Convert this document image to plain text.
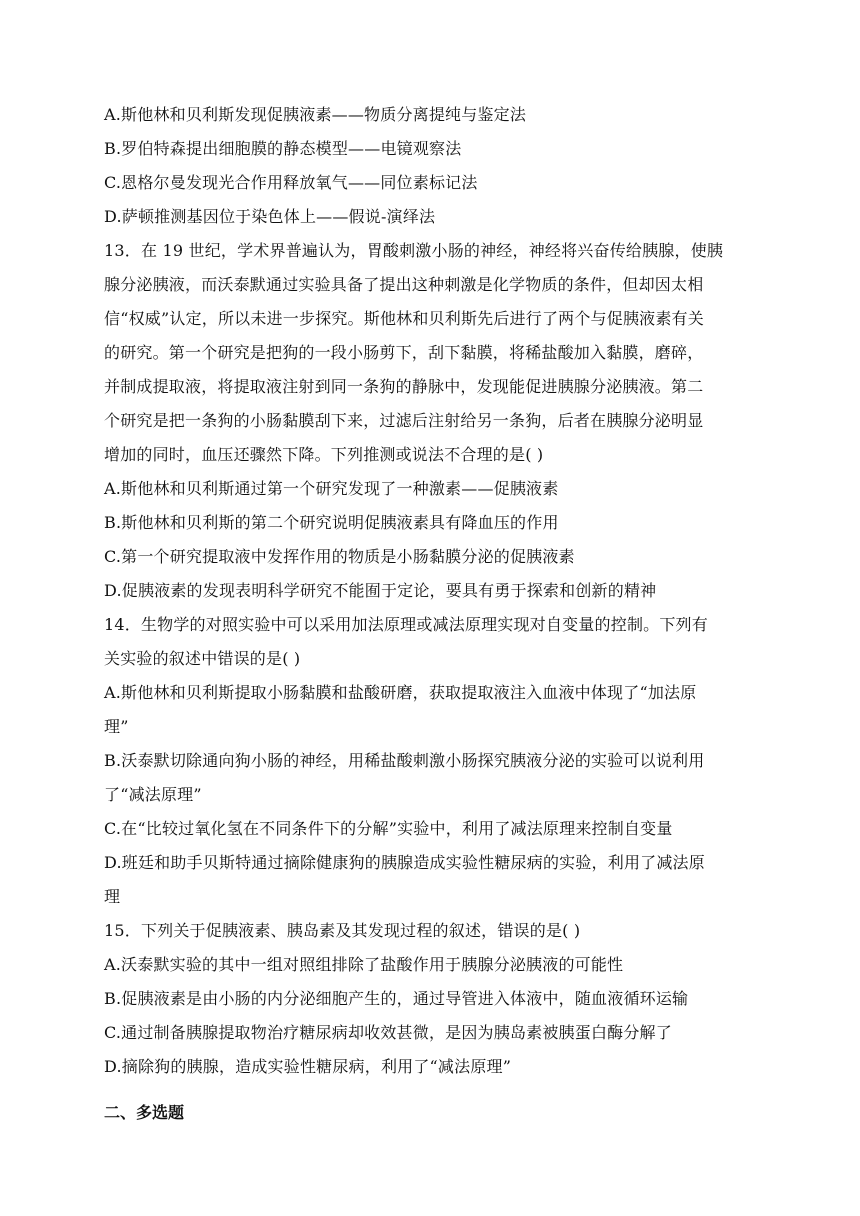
A.斯他林和贝利斯发现促胰液素——物质分离提纯与鉴定法
B.罗伯特森提出细胞膜的静态模型——电镜观察法
C.恩格尔曼发现光合作用释放氧气——同位素标记法
D.萨顿推测基因位于染色体上——假说-演绎法
13．在 19 世纪，学术界普遍认为，胃酸刺激小肠的神经，神经将兴奋传给胰腺，使胰
腺分泌胰液，而沃泰默通过实验具备了提出这种刺激是化学物质的条件，但却因太相
信“权威”认定，所以未进一步探究。斯他林和贝利斯先后进行了两个与促胰液素有关
的研究。第一个研究是把狗的一段小肠剪下，刮下黏膜，将稀盐酸加入黏膜，磨碎，
并制成提取液，将提取液注射到同一条狗的静脉中，发现能促进胰腺分泌胰液。第二
个研究是把一条狗的小肠黏膜刮下来，过滤后注射给另一条狗，后者在胰腺分泌明显
增加的同时，血压还骤然下降。下列推测或说法不合理的是( )
A.斯他林和贝利斯通过第一个研究发现了一种激素——促胰液素
B.斯他林和贝利斯的第二个研究说明促胰液素具有降血压的作用
C.第一个研究提取液中发挥作用的物质是小肠黏膜分泌的促胰液素
D.促胰液素的发现表明科学研究不能囿于定论，要具有勇于探索和创新的精神
14．生物学的对照实验中可以采用加法原理或减法原理实现对自变量的控制。下列有
关实验的叙述中错误的是( )
A.斯他林和贝利斯提取小肠黏膜和盐酸研磨，获取提取液注入血液中体现了“加法原
理”
B.沃泰默切除通向狗小肠的神经，用稀盐酸刺激小肠探究胰液分泌的实验可以说利用
了“减法原理”
C.在“比较过氧化氢在不同条件下的分解”实验中，利用了减法原理来控制自变量
D.班廷和助手贝斯特通过摘除健康狗的胰腺造成实验性糖尿病的实验，利用了减法原
理
15．下列关于促胰液素、胰岛素及其发现过程的叙述，错误的是( )
A.沃泰默实验的其中一组对照组排除了盐酸作用于胰腺分泌胰液的可能性
B.促胰液素是由小肠的内分泌细胞产生的，通过导管进入体液中，随血液循环运输
C.通过制备胰腺提取物治疗糖尿病却收效甚微，是因为胰岛素被胰蛋白酶分解了
D.摘除狗的胰腺，造成实验性糖尿病，利用了“减法原理”
二、多选题
